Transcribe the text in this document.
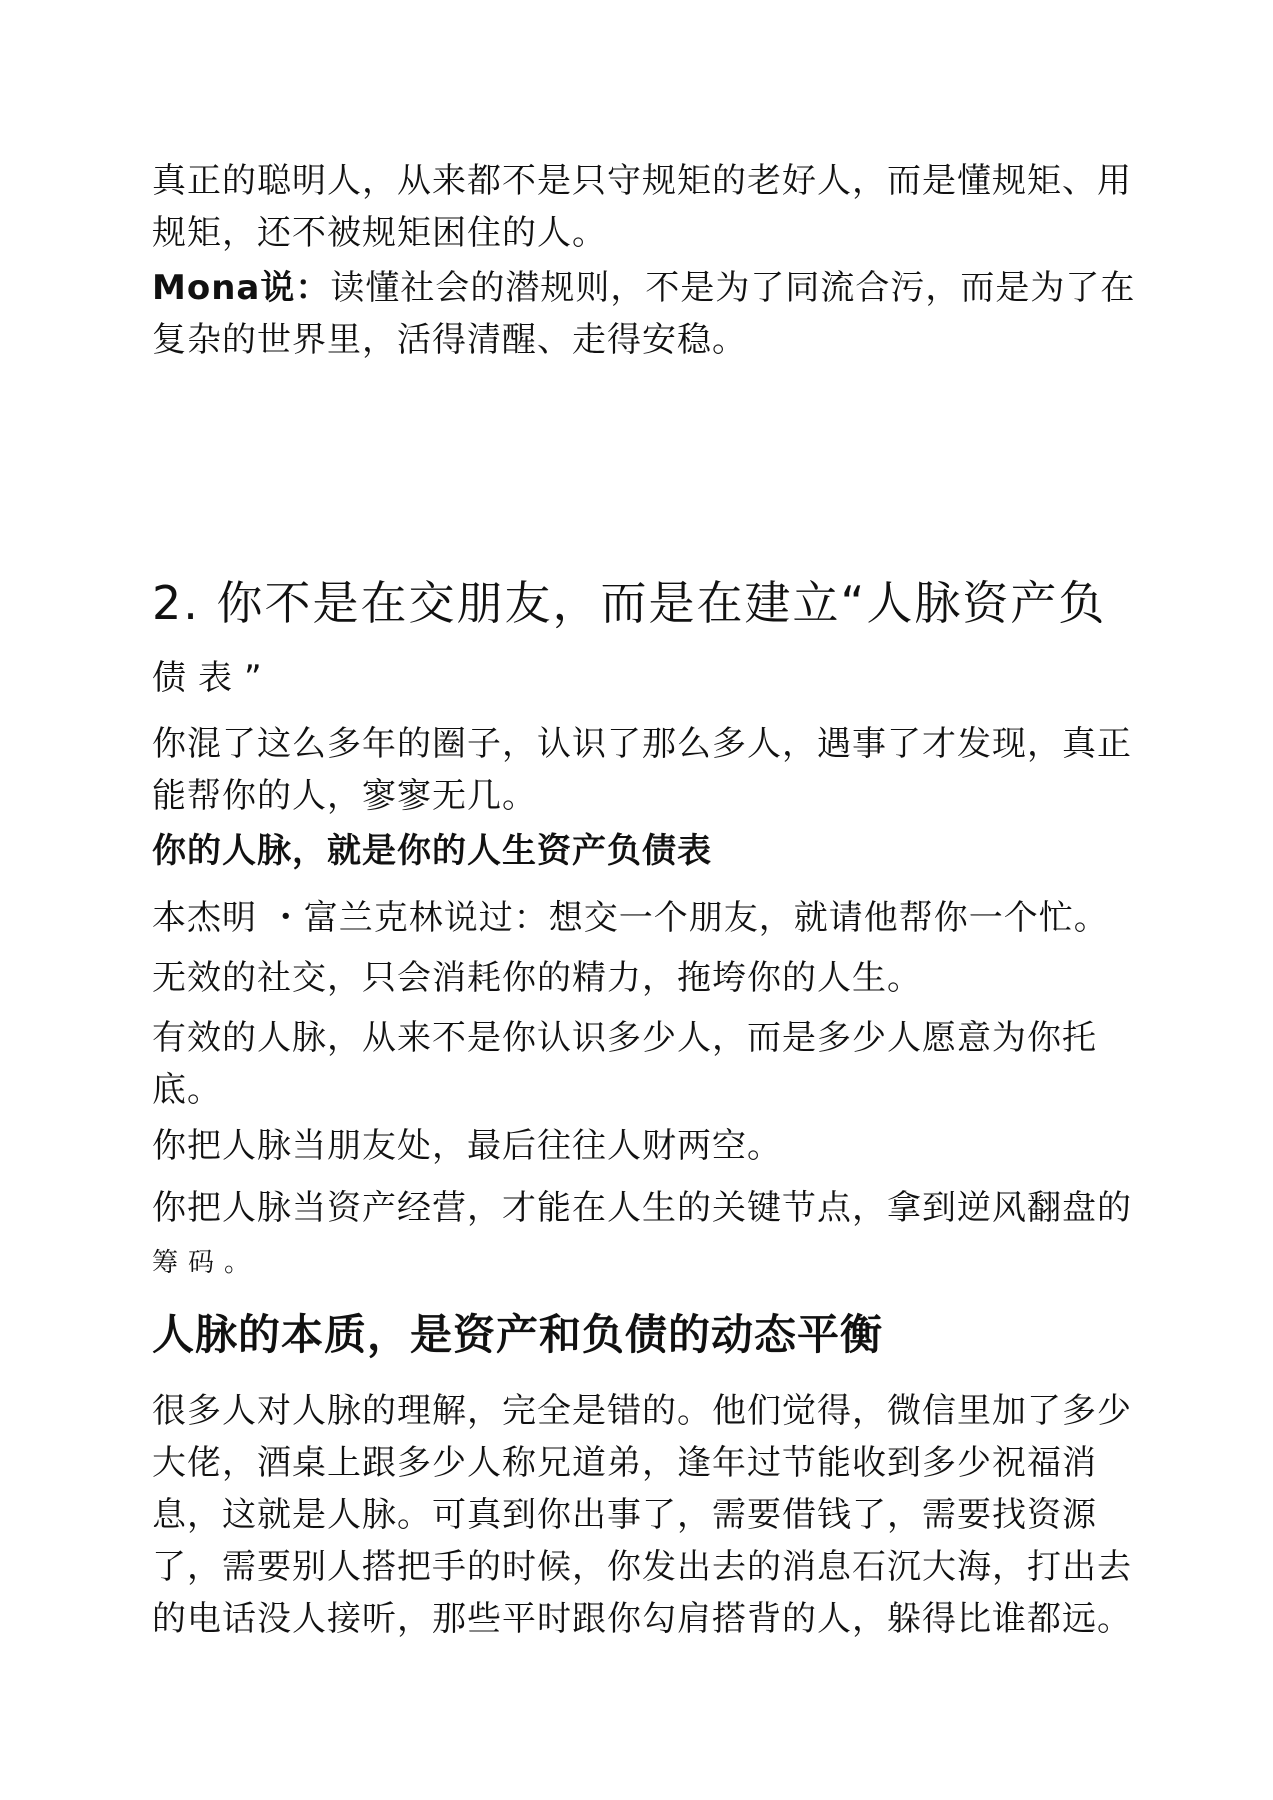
真正的聪明人，从来都不是只守规矩的老好人，而是懂规矩、用规矩，还不被规矩困住的人。

Mona说：读懂社会的潜规则，不是为了同流合污，而是为了在复杂的世界里，活得清醒、走得安稳。

2. 你不是在交朋友，而是在建立“人脉资产负
债表”

你混了这么多年的圈子，认识了那么多人，遇事了才发现，真正能帮你的人，寥寥无几。

你的人脉，就是你的人生资产负债表

本杰明 ・富兰克林说过：想交一个朋友，就请他帮你一个忙。

无效的社交，只会消耗你的精力，拖垮你的人生。

有效的人脉，从来不是你认识多少人，而是多少人愿意为你托底。

你把人脉当朋友处，最后往往人财两空。

你把人脉当资产经营，才能在人生的关键节点，拿到逆风翻盘的
筹码。

人脉的本质，是资产和负债的动态平衡

很多人对人脉的理解，完全是错的。他们觉得，微信里加了多少大佬，酒桌上跟多少人称兄道弟，逢年过节能收到多少祝福消息，这就是人脉。可真到你出事了，需要借钱了，需要找资源了，需要别人搭把手的时候，你发出去的消息石沉大海，打出去的电话没人接听，那些平时跟你勾肩搭背的人，躲得比谁都远。
